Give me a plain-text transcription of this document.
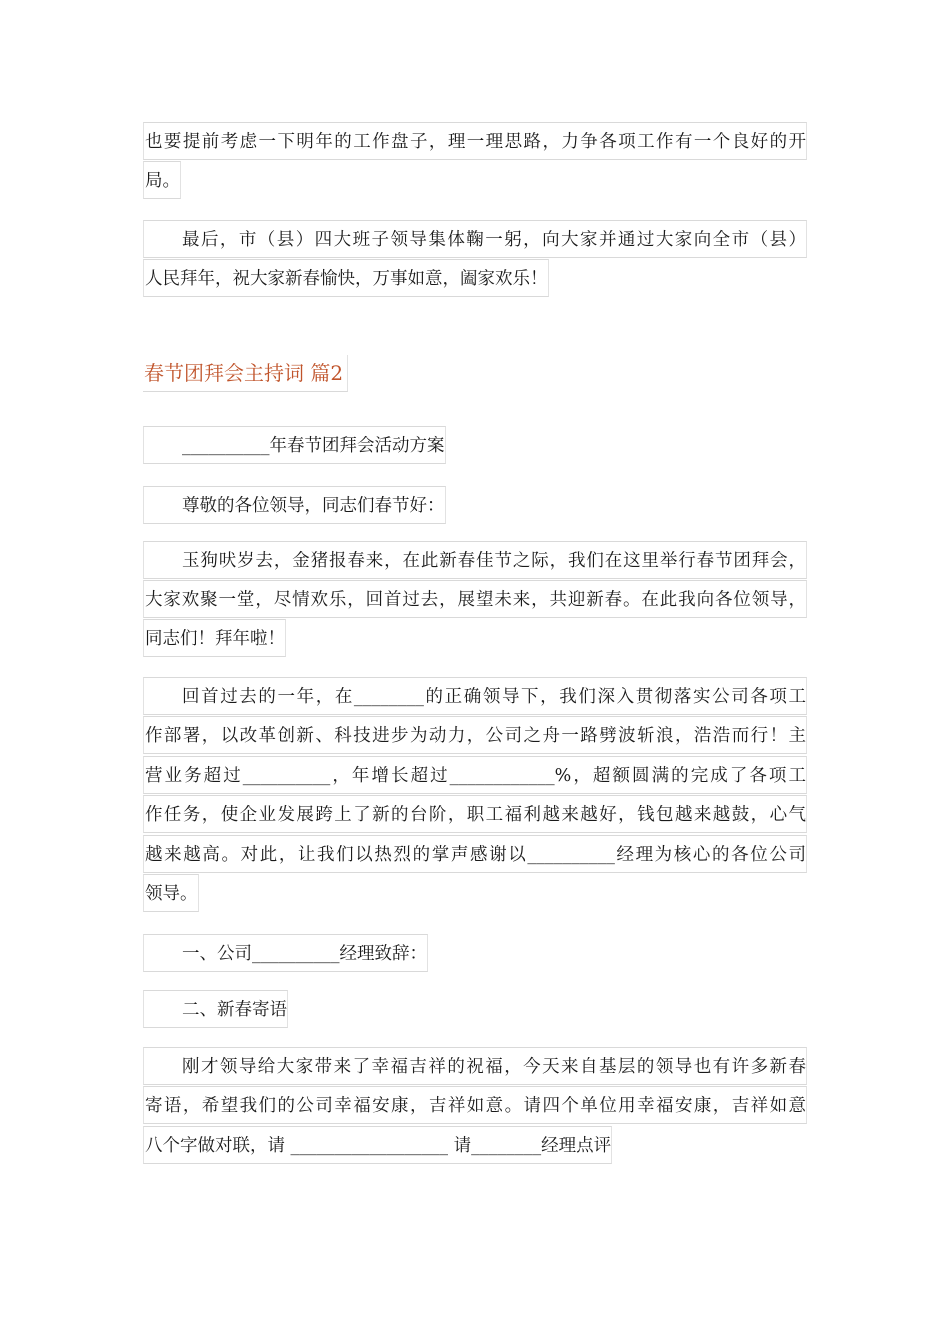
也要提前考虑一下明年的工作盘子，理一理思路，力争各项工作有一个良好的开
局。
最后，市（县）四大班子领导集体鞠一躬，向大家并通过大家向全市（县）
人民拜年，祝大家新春愉快，万事如意，阖家欢乐！
春节团拜会主持词 篇2
__________年春节团拜会活动方案
尊敬的各位领导，同志们春节好：
玉狗吠岁去，金猪报春来，在此新春佳节之际，我们在这里举行春节团拜会，
大家欢聚一堂，尽情欢乐，回首过去，展望未来，共迎新春。在此我向各位领导，
同志们！拜年啦！
回首过去的一年，在________的正确领导下，我们深入贯彻落实公司各项工
作部署，以改革创新、科技进步为动力，公司之舟一路劈波斩浪，浩浩而行！主
营业务超过__________，年增长超过____________%，超额圆满的完成了各项工
作任务，使企业发展跨上了新的台阶，职工福利越来越好，钱包越来越鼓，心气
越来越高。对此，让我们以热烈的掌声感谢以__________经理为核心的各位公司
领导。
一、公司__________经理致辞：
二、新春寄语
刚才领导给大家带来了幸福吉祥的祝福，今天来自基层的领导也有许多新春
寄语，希望我们的公司幸福安康，吉祥如意。请四个单位用幸福安康，吉祥如意
八个字做对联，请 __________________ 请________经理点评
